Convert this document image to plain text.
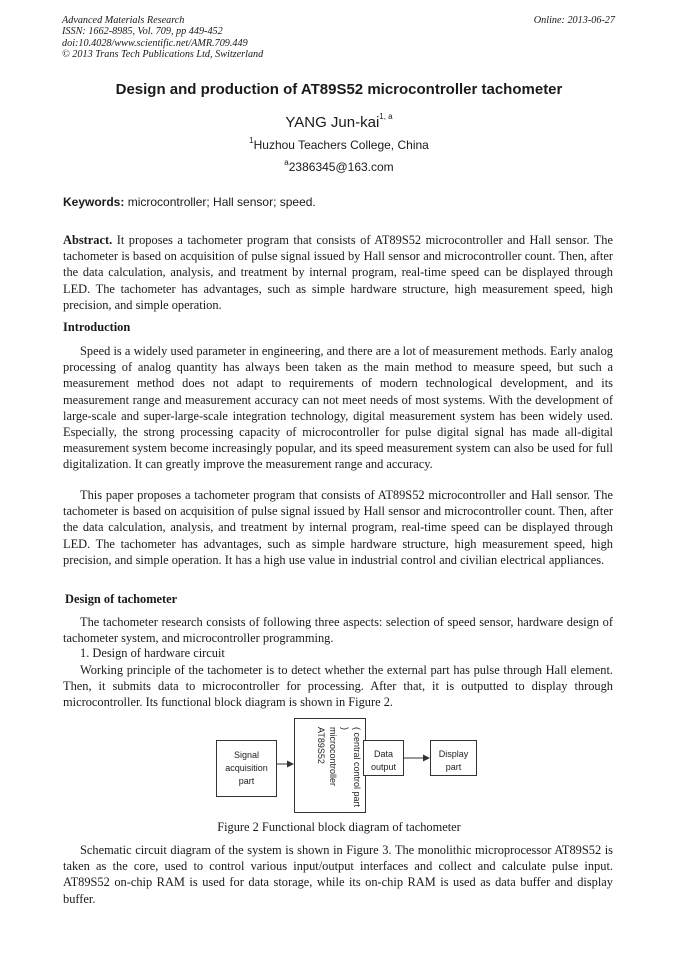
Advanced Materials Research
ISSN: 1662-8985, Vol. 709, pp 449-452
doi:10.4028/www.scientific.net/AMR.709.449
© 2013 Trans Tech Publications Ltd, Switzerland
Online: 2013-06-27
Design and production of AT89S52 microcontroller tachometer
YANG Jun-kai$^{1, a}$
$^1$Huzhou Teachers College, China
$^a$2386345@163.com
Keywords: microcontroller; Hall sensor; speed.

Abstract. It proposes a tachometer program that consists of AT89S52 microcontroller and Hall sensor. The tachometer is based on acquisition of pulse signal issued by Hall sensor and microcontroller count. Then, after the data calculation, analysis, and treatment by internal program, real-time speed can be displayed through LED. The tachometer has advantages, such as simple hardware structure, high measurement speed, high precision, and simple operation.

Introduction

Speed is a widely used parameter in engineering, and there are a lot of measurement methods. Early analog processing of analog quantity has always been taken as the main method to measure speed, but such a measurement method does not adapt to requirements of modern technological development, and its measurement range and measurement accuracy can not meet needs of most systems. With the development of large-scale and super-large-scale integration technology, digital measurement system has been widely used. Especially, the strong processing capacity of microcontroller for pulse digital signal has made all-digital measurement system become increasingly popular, and its speed measurement system can also be used for full digitalization. It can greatly improve the measurement range and accuracy.

This paper proposes a tachometer program that consists of AT89S52 microcontroller and Hall sensor. The tachometer is based on acquisition of pulse signal issued by Hall sensor and microcontroller count. Then, after the data calculation, analysis, and treatment by internal program, real-time speed can be displayed through LED. The tachometer has advantages, such as simple hardware structure, high measurement speed, high precision, and simple operation. It has a high use value in industrial control and civilian electrical appliances.

Design of tachometer

The tachometer research consists of following three aspects: selection of speed sensor, hardware design of tachometer system, and microcontroller programming.

1. Design of hardware circuit

Working principle of the tachometer is to detect whether the external part has pulse through Hall element. Then, it submits data to microcontroller for processing. After that, it is outputted to display through microcontroller. Its functional block diagram is shown in Figure 2.

Signal
acquisition
part	( central control part )
microcontroller
AT89S52	Data
output
Display
part
Figure 2 Functional block diagram of tachometer

Schematic circuit diagram of the system is shown in Figure 3. The monolithic microprocessor AT89S52 is taken as the core, used to control various input/output interfaces and collect and calculate pulse input. AT89S52 on-chip RAM is used for data storage, while its on-chip RAM is used as data buffer and display buffer.
